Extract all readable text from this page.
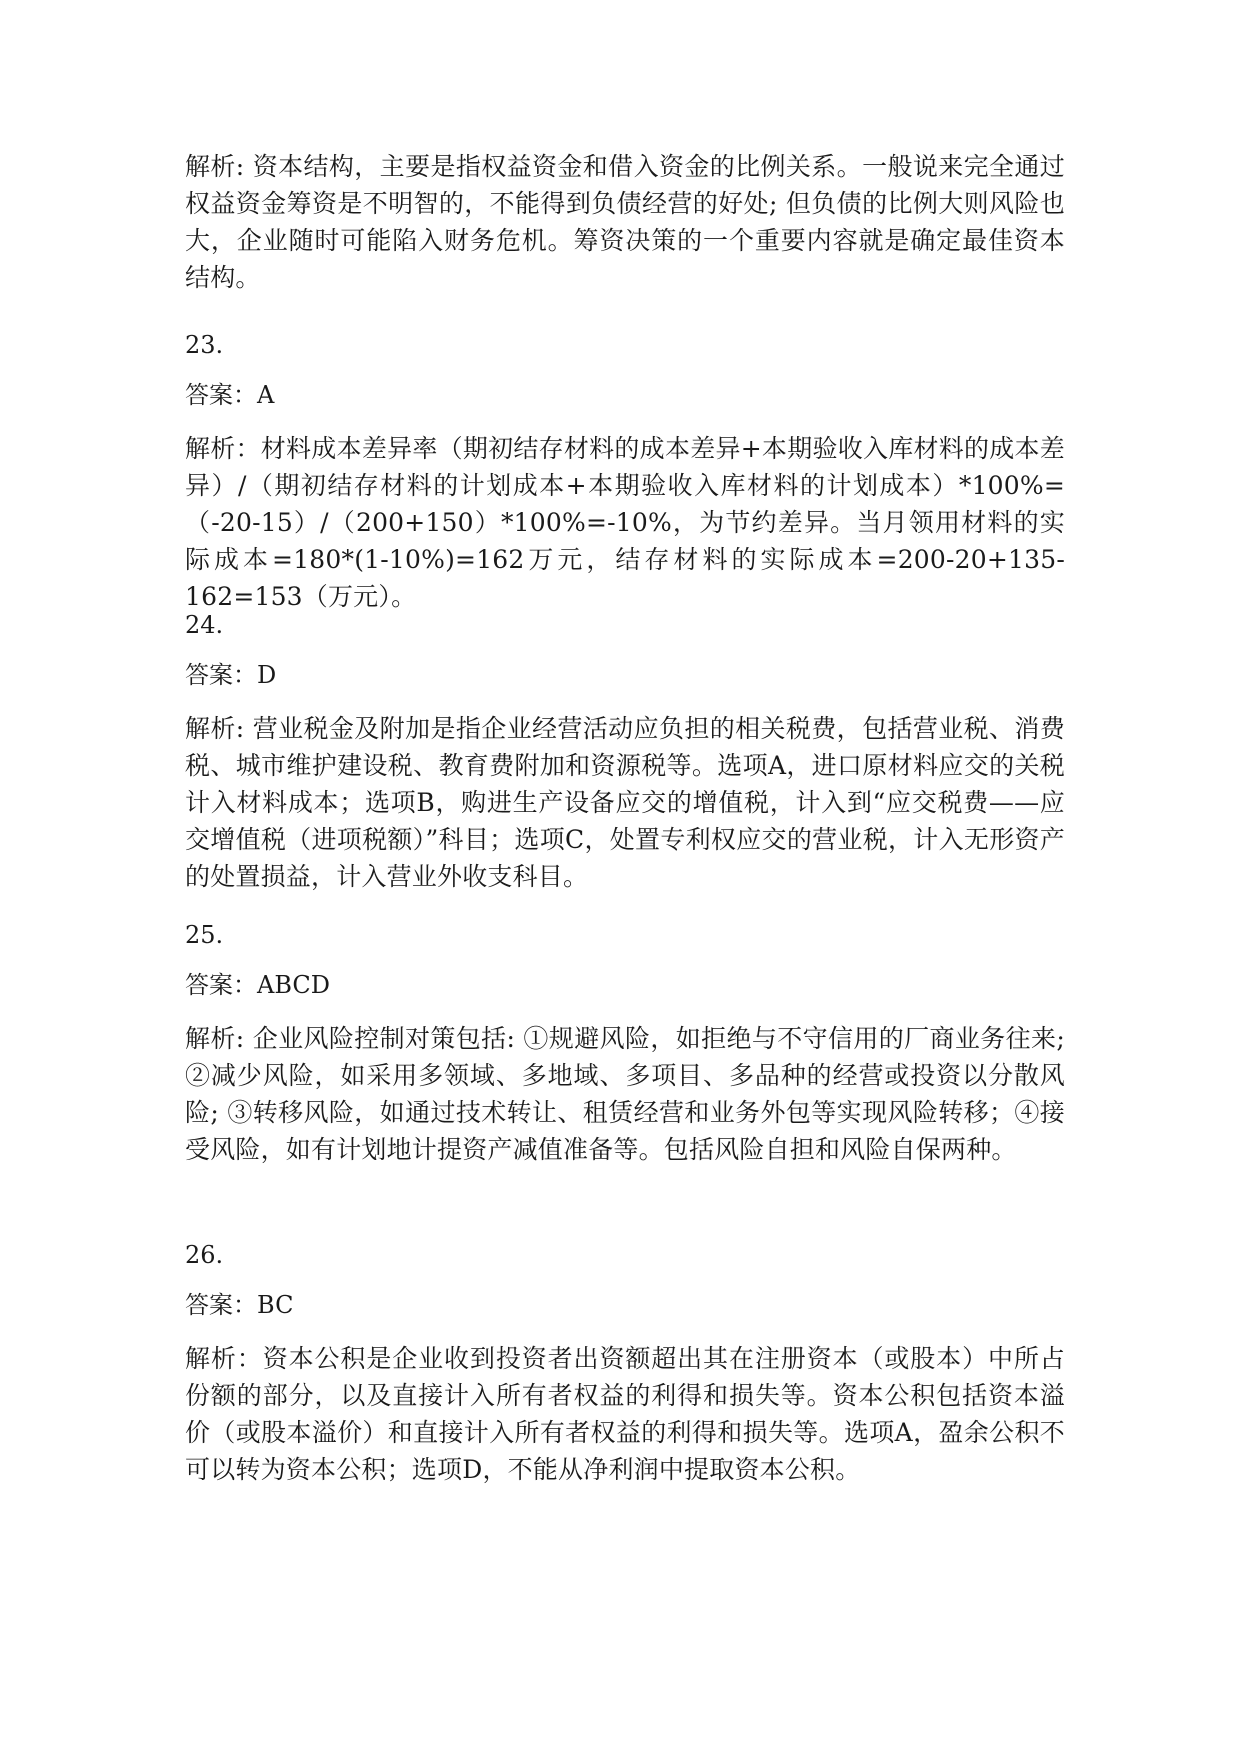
解析: 资本结构，主要是指权益资金和借入资金的比例关系。一般说来完全通过权益资金筹资是不明智的，不能得到负债经营的好处; 但负债的比例大则风险也大，企业随时可能陷入财务危机。筹资决策的一个重要内容就是确定最佳资本结构。

23.

答案：A

解析：材料成本差异率（期初结存材料的成本差异+本期验收入库材料的成本差异）/（期初结存材料的计划成本+本期验收入库材料的计划成本）*100%=（-20-15）/（200+150）*100%=-10%，为节约差异。当月领用材料的实际成本=180*(1-10%)=162万元，结存材料的实际成本=200-20+135-162=153（万元）。

24.

答案：D

解析: 营业税金及附加是指企业经营活动应负担的相关税费，包括营业税、消费税、城市维护建设税、教育费附加和资源税等。选项A，进口原材料应交的关税计入材料成本；选项B，购进生产设备应交的增值税，计入到“应交税费——应交增值税（进项税额）”科目；选项C，处置专利权应交的营业税，计入无形资产的处置损益，计入营业外收支科目。

25.

答案：ABCD

解析: 企业风险控制对策包括: ①规避风险，如拒绝与不守信用的厂商业务往来; ②减少风险，如采用多领域、多地域、多项目、多品种的经营或投资以分散风险; ③转移风险，如通过技术转让、租赁经营和业务外包等实现风险转移；④接受风险，如有计划地计提资产减值准备等。包括风险自担和风险自保两种。

26.

答案：BC

解析：资本公积是企业收到投资者出资额超出其在注册资本（或股本）中所占份额的部分，以及直接计入所有者权益的利得和损失等。资本公积包括资本溢价（或股本溢价）和直接计入所有者权益的利得和损失等。选项A，盈余公积不可以转为资本公积；选项D，不能从净利润中提取资本公积。
